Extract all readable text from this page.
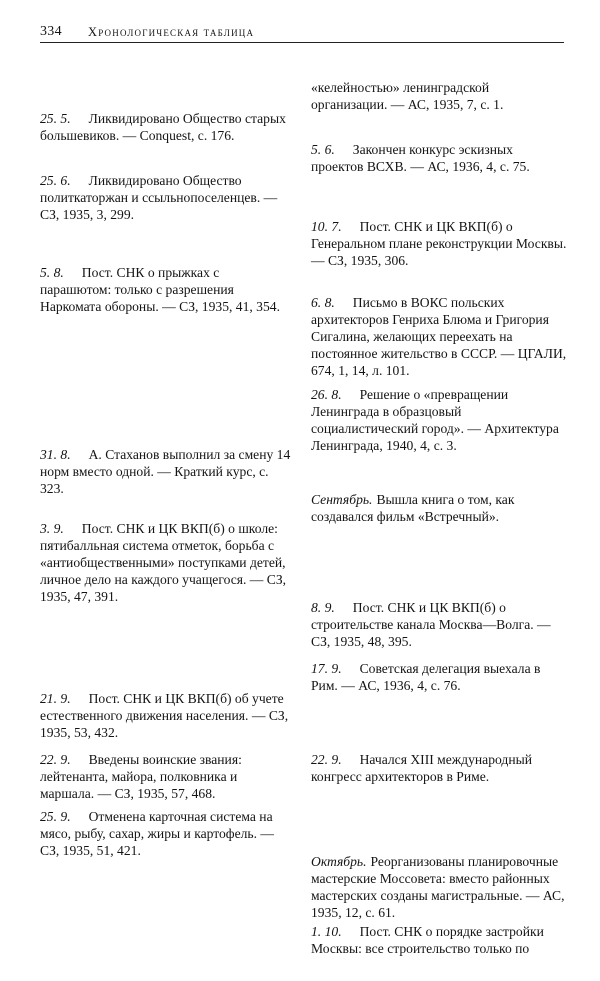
334 Хронологическая таблица
25. 5. Ликвидировано Общество старых большевиков. — Conquest, с. 176.
25. 6. Ликвидировано Общество политкаторжан и ссыльнопоселенцев. — СЗ, 1935, 3, 299.
5. 8. Пост. СНК о прыжках с парашютом: только с разрешения Наркомата обороны. — СЗ, 1935, 41, 354.
31. 8. А. Стаханов выполнил за смену 14 норм вместо одной. — Краткий курс, с. 323.
3. 9. Пост. СНК и ЦК ВКП(б) о школе: пятибалльная система отметок, борьба с «антиобщественными» поступками детей, личное дело на каждого учащегося. — СЗ, 1935, 47, 391.
21. 9. Пост. СНК и ЦК ВКП(б) об учете естественного движения населения. — СЗ, 1935, 53, 432.
22. 9. Введены воинские звания: лейтенанта, майора, полковника и маршала. — СЗ, 1935, 57, 468.
25. 9. Отменена карточная система на мясо, рыбу, сахар, жиры и картофель. — СЗ, 1935, 51, 421.
«келейностью» ленинградской организации. — АС, 1935, 7, с. 1.
5. 6. Закончен конкурс эскизных проектов ВСХВ. — АС, 1936, 4, с. 75.
10. 7. Пост. СНК и ЦК ВКП(б) о Генеральном плане реконструкции Москвы. — СЗ, 1935, 306.
6. 8. Письмо в ВОКС польских архитекторов Генриха Блюма и Григория Сигалина, желающих переехать на постоянное жительство в СССР. — ЦГАЛИ, 674, 1, 14, л. 101.
26. 8. Решение о «превращении Ленинграда в образцовый социалистический город». — Архитектура Ленинграда, 1940, 4, с. 3.
Сентябрь. Вышла книга о том, как создавался фильм «Встречный».
8. 9. Пост. СНК и ЦК ВКП(б) о строительстве канала Москва—Волга. — СЗ, 1935, 48, 395.
17. 9. Советская делегация выехала в Рим. — АС, 1936, 4, с. 76.
22. 9. Начался XIII международный конгресс архитекторов в Риме.
Октябрь. Реорганизованы планировочные мастерские Моссовета: вместо районных мастерских созданы магистральные. — АС, 1935, 12, с. 61.
1. 10. Пост. СНК о порядке застройки Москвы: все строительство только по
